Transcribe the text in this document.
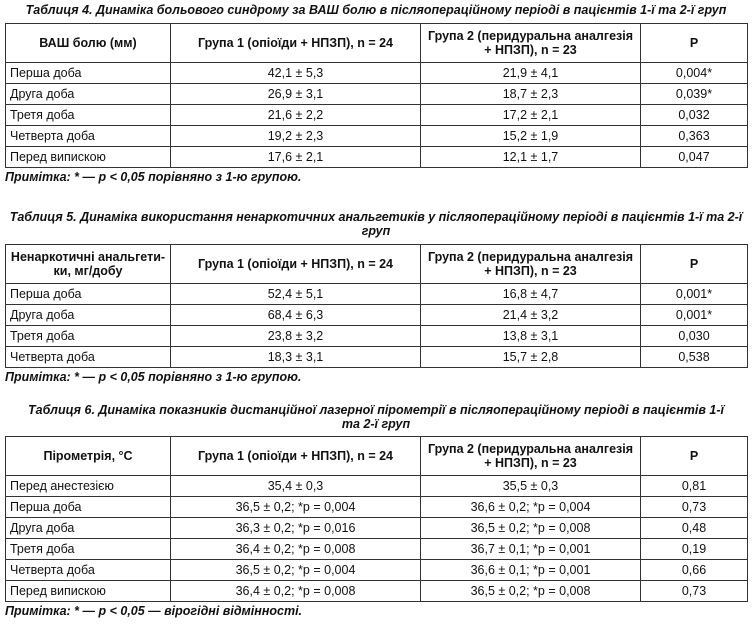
Таблиця 4. Динаміка больового синдрому за ВАШ болю в післяопераційному періоді в пацієнтів 1-ї та 2-ї груп

ВАШ болю (мм)	Група 1 (опіоїди + НПЗП), n = 24	Група 2 (перидуральна аналгезія + НПЗП), n = 23	Р
Перша доба	42,1 ± 5,3	21,9 ± 4,1	0,004*
Друга доба	26,9 ± 3,1	18,7 ± 2,3	0,039*
Третя доба	21,6 ± 2,2	17,2 ± 2,1	0,032
Четверта доба	19,2 ± 2,3	15,2 ± 1,9	0,363
Перед випискою	17,6 ± 2,1	12,1 ± 1,7	0,047

Примітка: * — р < 0,05 порівняно з 1-ю групою.

Таблиця 5. Динаміка використання ненаркотичних анальгетиків у післяопераційному періоді в пацієнтів 1-ї та 2-ї груп

Ненаркотичні анальгети-ки, мг/добу	Група 1 (опіоїди + НПЗП), n = 24	Група 2 (перидуральна аналгезія + НПЗП), n = 23	Р
Перша доба	52,4 ± 5,1	16,8 ± 4,7	0,001*
Друга доба	68,4 ± 6,3	21,4 ± 3,2	0,001*
Третя доба	23,8 ± 3,2	13,8 ± 3,1	0,030
Четверта доба	18,3 ± 3,1	15,7 ± 2,8	0,538

Примітка: * — р < 0,05 порівняно з 1-ю групою.

Таблиця 6. Динаміка показників дистанційної лазерної пірометрії в післяопераційному періоді в пацієнтів 1-ї та 2-ї груп

Пірометрія, °С	Група 1 (опіоїди + НПЗП), n = 24	Група 2 (перидуральна аналгезія + НПЗП), n = 23	Р
Перед анестезією	35,4 ± 0,3	35,5 ± 0,3	0,81
Перша доба	36,5 ± 0,2; *р = 0,004	36,6 ± 0,2; *р = 0,004	0,73
Друга доба	36,3 ± 0,2; *р = 0,016	36,5 ± 0,2; *р = 0,008	0,48
Третя доба	36,4 ± 0,2; *р = 0,008	36,7 ± 0,1; *р = 0,001	0,19
Четверта доба	36,5 ± 0,2; *р = 0,004	36,6 ± 0,1; *р = 0,001	0,66
Перед випискою	36,4 ± 0,2; *р = 0,008	36,5 ± 0,2; *р = 0,008	0,73

Примітка: * — р < 0,05 — вірогідні відмінності.
